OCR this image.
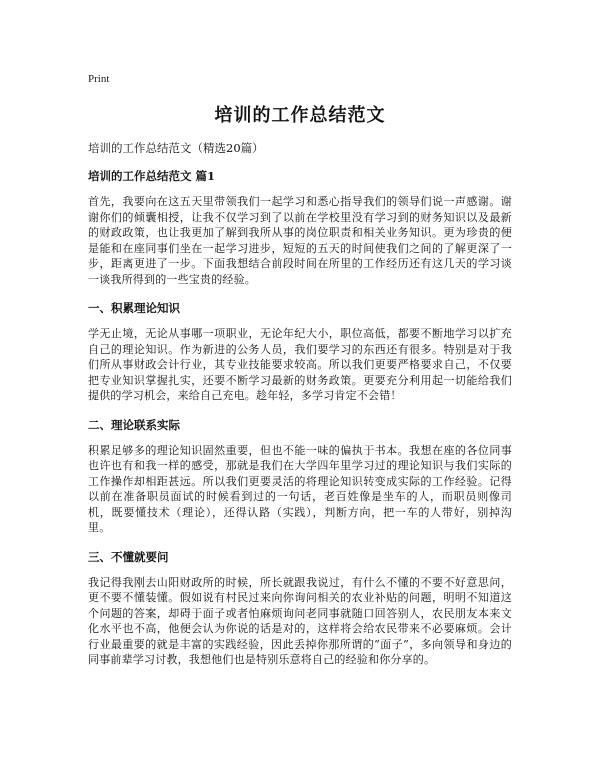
Print
培训的工作总结范文
培训的工作总结范文（精选20篇）
培训的工作总结范文 篇1

首先，我要向在这五天里带领我们一起学习和悉心指导我们的领导们说一声感谢。谢谢你们的倾囊相授，让我不仅学习到了以前在学校里没有学习到的财务知识以及最新的财政政策，也让我更加了解到我所从事的岗位职责和相关业务知识。更为珍贵的便是能和在座同事们坐在一起学习进步，短短的五天的时间使我们之间的了解更深了一步，距离更进了一步。下面我想结合前段时间在所里的工作经历还有这几天的学习谈一谈我所得到的一些宝贵的经验。

一、积累理论知识

学无止境，无论从事哪一项职业，无论年纪大小，职位高低，都要不断地学习以扩充自己的理论知识。作为新进的公务人员，我们要学习的东西还有很多。特别是对于我们所从事财政会计行业，其专业技能要求较高。所以我们更要严格要求自己，不仅要把专业知识掌握扎实，还要不断学习最新的财务政策。更要充分利用起一切能给我们提供的学习机会，来给自己充电。趁年轻，多学习肯定不会错！

二、理论联系实际

积累足够多的理论知识固然重要，但也不能一味的偏执于书本。我想在座的各位同事也许也有和我一样的感受，那就是我们在大学四年里学习过的理论知识与我们实际的工作操作却相距甚远。所以我们更要灵活的将理论知识转变成实际的工作经验。记得以前在准备职员面试的时候看到过的一句话，老百姓像是坐车的人，而职员则像司机，既要懂技术（理论），还得认路（实践），判断方向，把一车的人带好，别掉沟里。

三、不懂就要问

我记得我刚去山阳财政所的时候，所长就跟我说过，有什么不懂的不要不好意思问，更不要不懂装懂。假如说有村民过来向你询问相关的农业补贴的问题，明明不知道这个问题的答案，却碍于面子或者怕麻烦询问老同事就随口回答别人，农民朋友本来文化水平也不高，他便会认为你说的话是对的，这样将会给农民带来不必要麻烦。会计行业最重要的就是丰富的实践经验，因此丢掉你那所谓的“面子”，多向领导和身边的同事前辈学习讨教，我想他们也是特别乐意将自己的经验和你分享的。
